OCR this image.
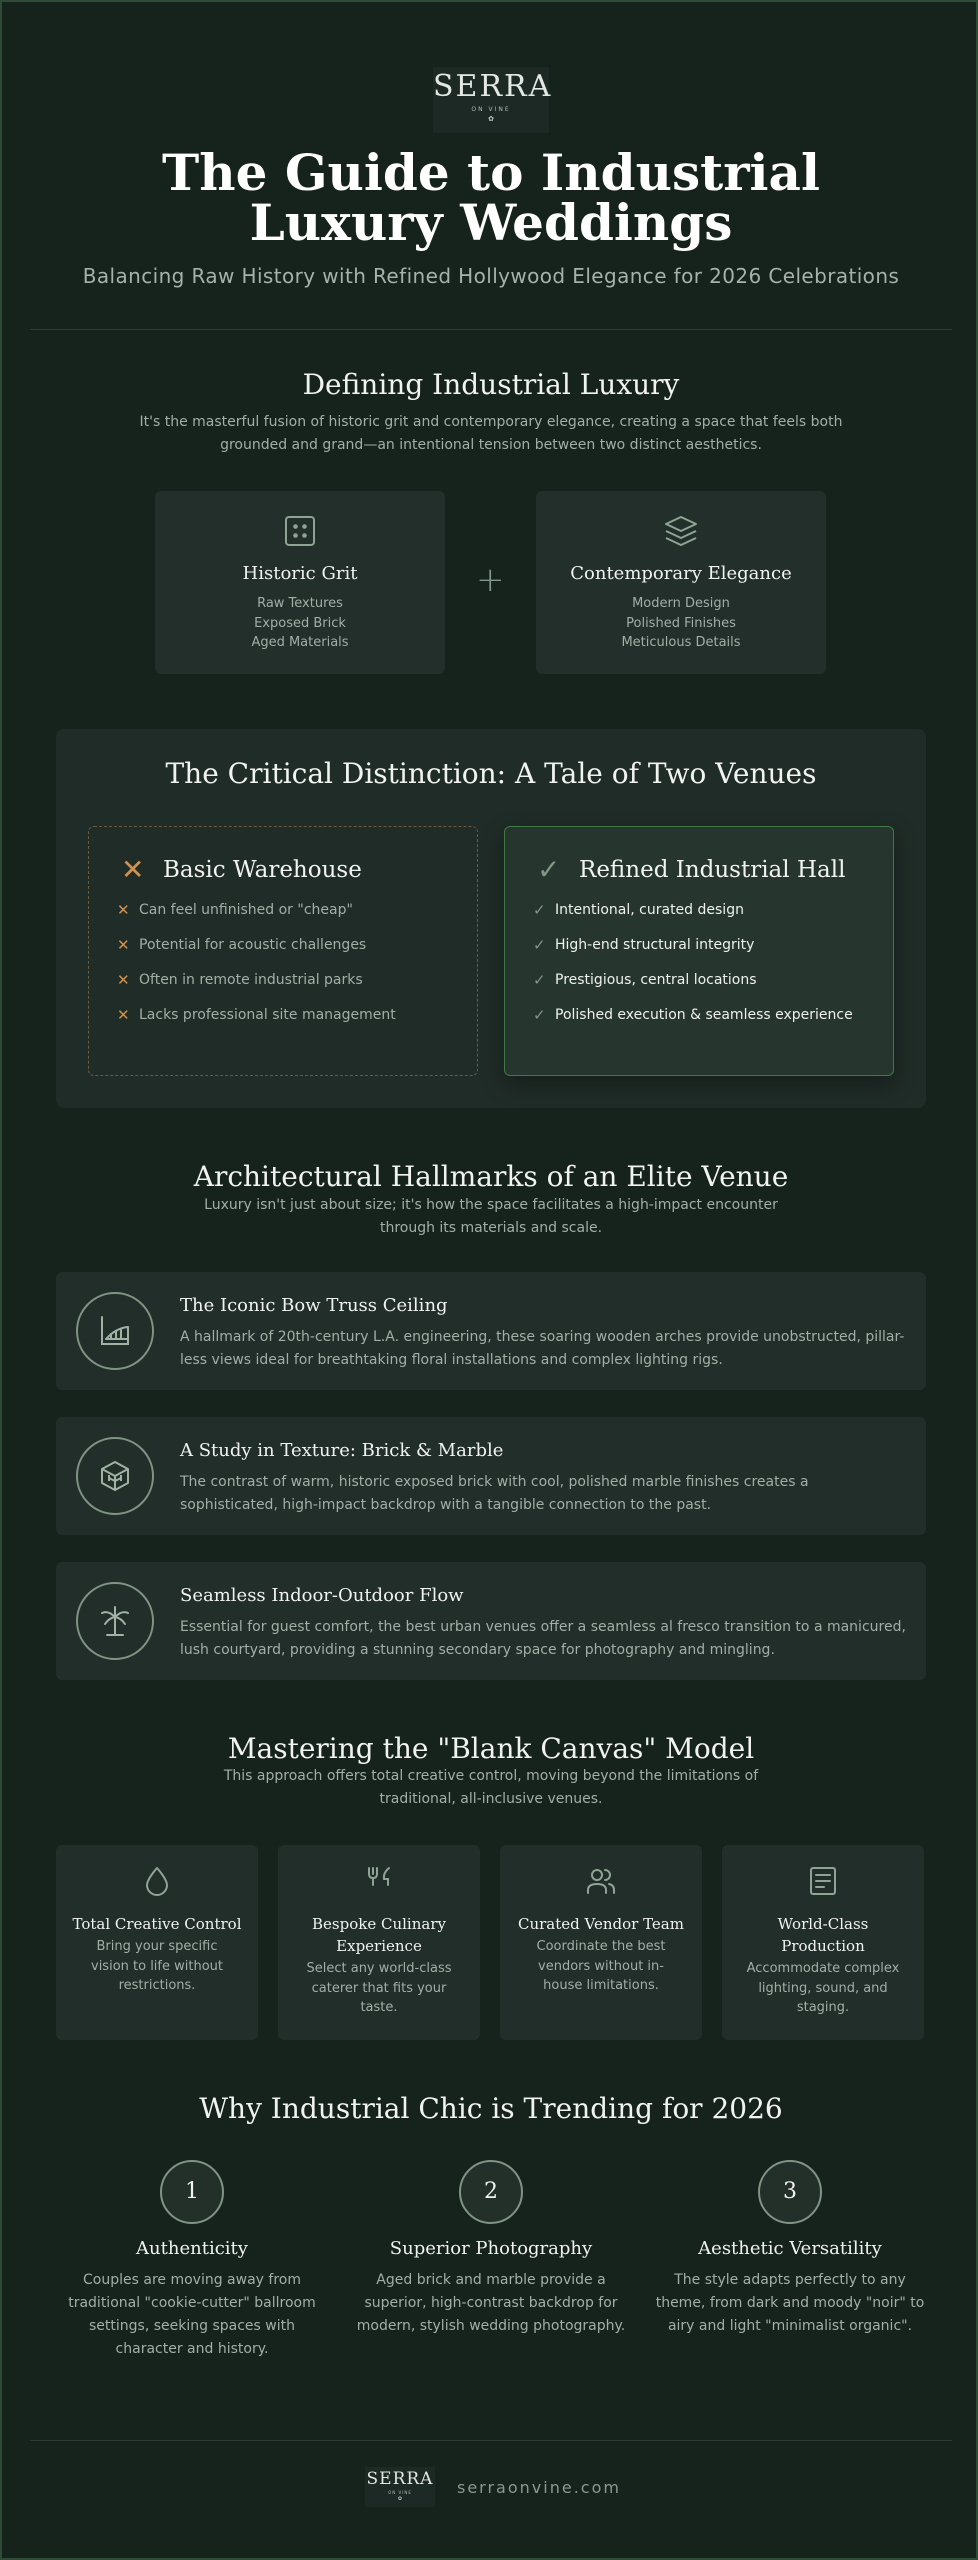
SERRA
ON VINE
✿
The Guide to Industrial Luxury Weddings
Balancing Raw History with Refined Hollywood Elegance for 2026 Celebrations
Defining Industrial Luxury
It's the masterful fusion of historic grit and contemporary elegance, creating a space that feels both grounded and grand—an intentional tension between two distinct aesthetics.
Historic Grit
Raw Textures
Exposed Brick
Aged Materials
+	Contemporary Elegance
Modern Design
Polished Finishes
Meticulous Details
The Critical Distinction: A Tale of Two Venues
✕ Basic Warehouse
✕ Can feel unfinished or "cheap"
✕ Potential for acoustic challenges
✕ Often in remote industrial parks
✕ Lacks professional site management
✓ Refined Industrial Hall
✓ Intentional, curated design
✓ High-end structural integrity
✓ Prestigious, central locations
✓ Polished execution & seamless experience
Architectural Hallmarks of an Elite Venue
Luxury isn't just about size; it's how the space facilitates a high-impact encounter through its materials and scale.
The Iconic Bow Truss Ceiling
A hallmark of 20th-century L.A. engineering, these soaring wooden arches provide unobstructed, pillar-less views ideal for breathtaking floral installations and complex lighting rigs.
A Study in Texture: Brick & Marble
The contrast of warm, historic exposed brick with cool, polished marble finishes creates a sophisticated, high-impact backdrop with a tangible connection to the past.
Seamless Indoor-Outdoor Flow
Essential for guest comfort, the best urban venues offer a seamless al fresco transition to a manicured, lush courtyard, providing a stunning secondary space for photography and mingling.
Mastering the "Blank Canvas" Model
This approach offers total creative control, moving beyond the limitations of traditional, all-inclusive venues.
Total Creative Control
Bring your specific vision to life without restrictions.
Bespoke Culinary Experience
Select any world-class caterer that fits your taste.
Curated Vendor Team
Coordinate the best vendors without in-house limitations.
World-Class Production
Accommodate complex lighting, sound, and staging.
Why Industrial Chic is Trending for 2026
1
Authenticity
Couples are moving away from traditional "cookie-cutter" ballroom settings, seeking spaces with character and history.
2
Superior Photography
Aged brick and marble provide a superior, high-contrast backdrop for modern, stylish wedding photography.
3
Aesthetic Versatility
The style adapts perfectly to any theme, from dark and moody "noir" to airy and light "minimalist organic".
SERRA
ON VINE
✿
serraonvine.com
